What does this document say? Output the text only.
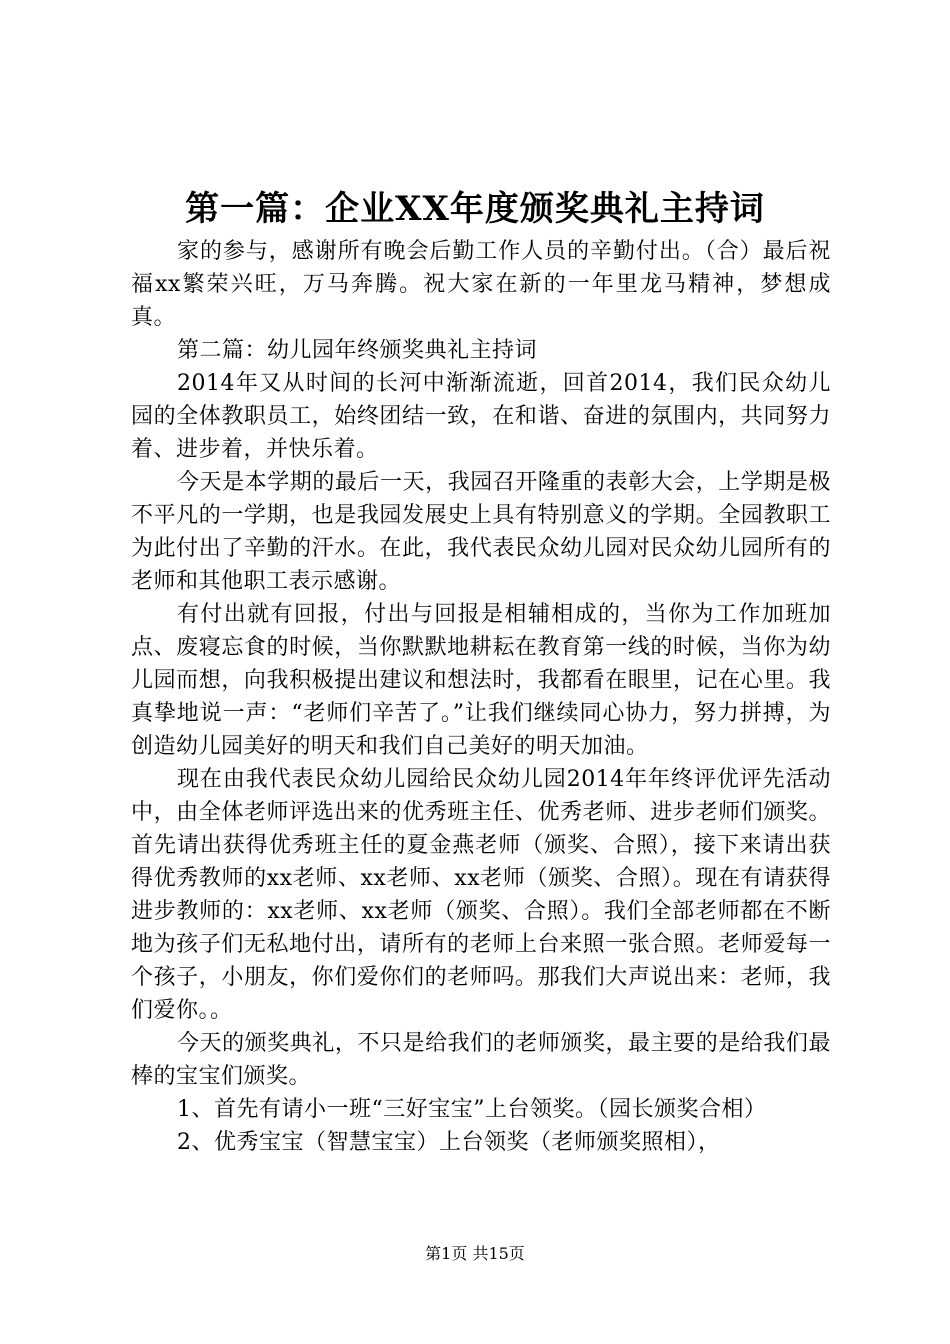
第一篇：企业XX年度颁奖典礼主持词

家的参与，感谢所有晚会后勤工作人员的辛勤付出。（合）最后祝福xx繁荣兴旺，万马奔腾。祝大家在新的一年里龙马精神，梦想成真。

第二篇：幼儿园年终颁奖典礼主持词

2014年又从时间的长河中渐渐流逝，回首2014，我们民众幼儿园的全体教职员工，始终团结一致，在和谐、奋进的氛围内，共同努力着、进步着，并快乐着。

今天是本学期的最后一天，我园召开隆重的表彰大会，上学期是极不平凡的一学期，也是我园发展史上具有特别意义的学期。全园教职工为此付出了辛勤的汗水。在此，我代表民众幼儿园对民众幼儿园所有的老师和其他职工表示感谢。

有付出就有回报，付出与回报是相辅相成的，当你为工作加班加点、废寝忘食的时候，当你默默地耕耘在教育第一线的时候，当你为幼儿园而想，向我积极提出建议和想法时，我都看在眼里，记在心里。我真挚地说一声：“老师们辛苦了。”让我们继续同心协力，努力拼搏，为创造幼儿园美好的明天和我们自己美好的明天加油。

现在由我代表民众幼儿园给民众幼儿园2014年年终评优评先活动中，由全体老师评选出来的优秀班主任、优秀老师、进步老师们颁奖。首先请出获得优秀班主任的夏金燕老师（颁奖、合照），接下来请出获得优秀教师的xx老师、xx老师、xx老师（颁奖、合照）。现在有请获得进步教师的：xx老师、xx老师（颁奖、合照）。我们全部老师都在不断地为孩子们无私地付出，请所有的老师上台来照一张合照。老师爱每一个孩子，小朋友，你们爱你们的老师吗。那我们大声说出来：老师，我们爱你。。

今天的颁奖典礼，不只是给我们的老师颁奖，最主要的是给我们最棒的宝宝们颁奖。

1、首先有请小一班“三好宝宝”上台领奖。（园长颁奖合相）

2、优秀宝宝（智慧宝宝）上台领奖（老师颁奖照相），

第1页 共15页
